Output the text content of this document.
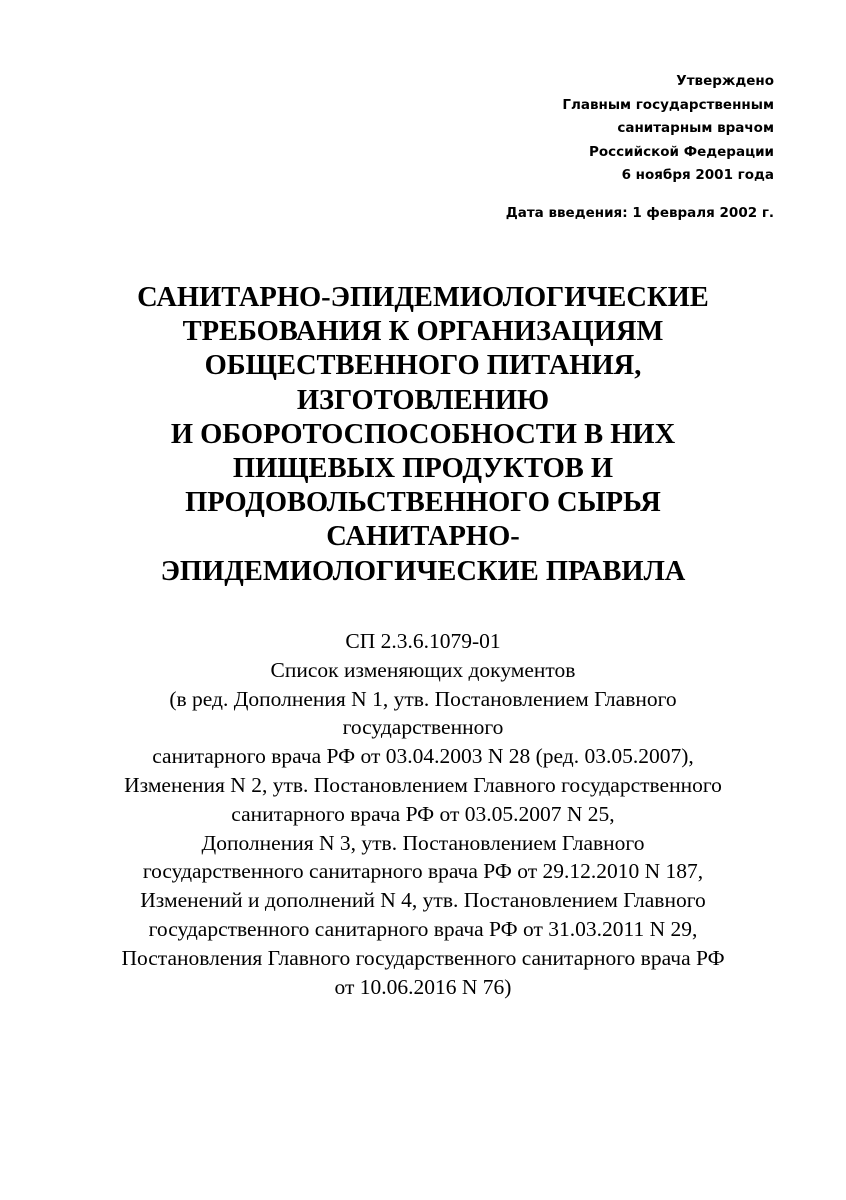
Утверждено
Главным государственным
санитарным врачом
Российской Федерации
6 ноября 2001 года
Дата введения: 1 февраля 2002 г.
САНИТАРНО-ЭПИДЕМИОЛОГИЧЕСКИЕ
ТРЕБОВАНИЯ К ОРГАНИЗАЦИЯМ
ОБЩЕСТВЕННОГО ПИТАНИЯ,
ИЗГОТОВЛЕНИЮ
И ОБОРОТОСПОСОБНОСТИ В НИХ
ПИЩЕВЫХ ПРОДУКТОВ И
ПРОДОВОЛЬСТВЕННОГО СЫРЬЯ
САНИТАРНО-
ЭПИДЕМИОЛОГИЧЕСКИЕ ПРАВИЛА
СП 2.3.6.1079-01
Список изменяющих документов
(в ред. Дополнения N 1, утв. Постановлением Главного
государственного
санитарного врача РФ от 03.04.2003 N 28 (ред. 03.05.2007),
Изменения N 2, утв. Постановлением Главного государственного
санитарного врача РФ от 03.05.2007 N 25,
Дополнения N 3, утв. Постановлением Главного
государственного санитарного врача РФ от 29.12.2010 N 187,
Изменений и дополнений N 4, утв. Постановлением Главного
государственного санитарного врача РФ от 31.03.2011 N 29,
Постановления Главного государственного санитарного врача РФ
от 10.06.2016 N 76)
